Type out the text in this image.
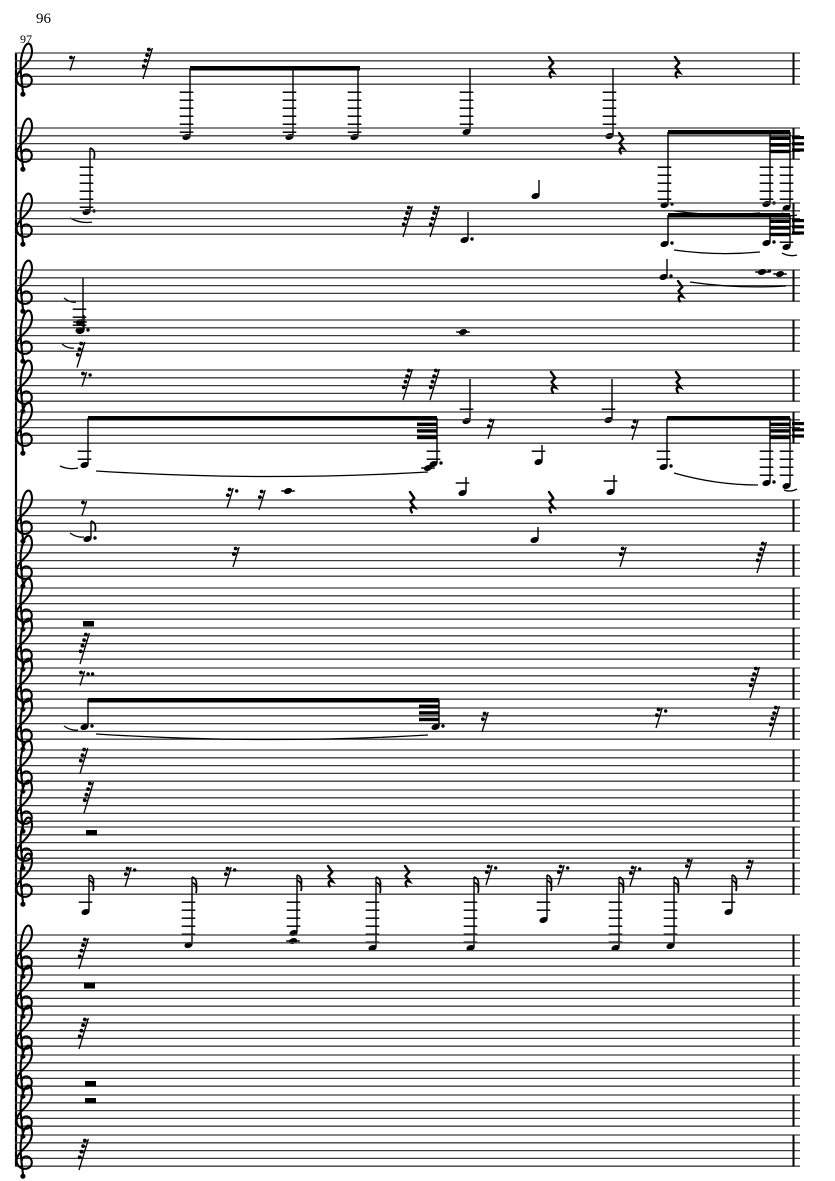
96
97
